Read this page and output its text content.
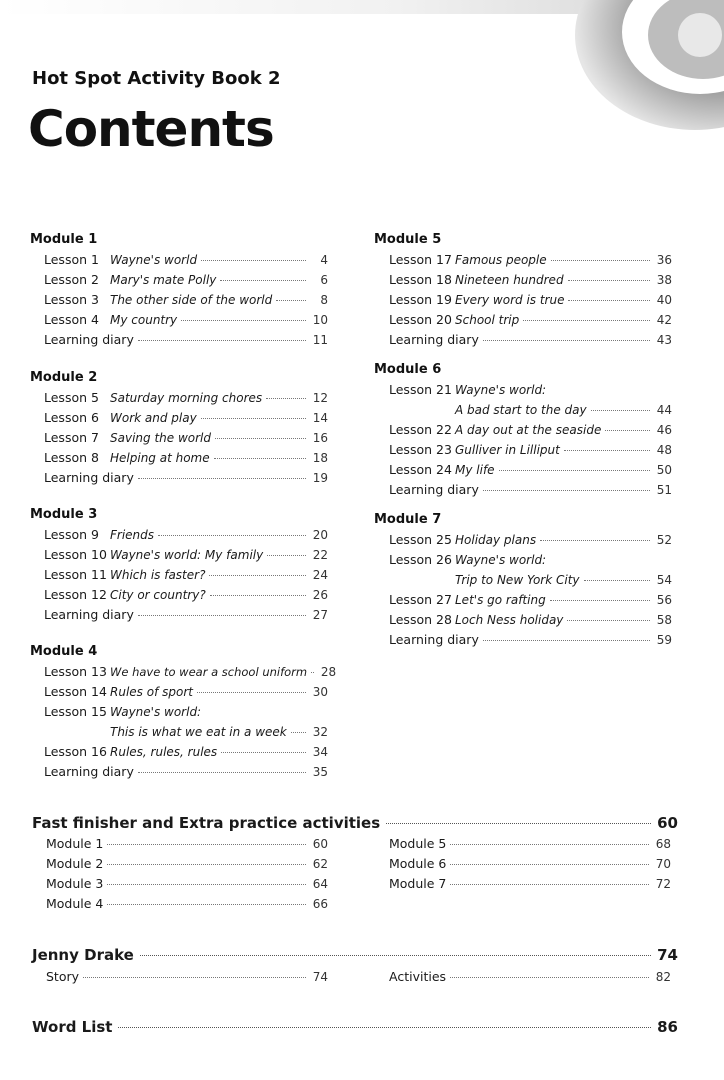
Hot Spot Activity Book 2
Contents
Module 1
Lesson 1 Wayne's world	4
Lesson 2 Mary's mate Polly	6
Lesson 3 The other side of the world	8
Lesson 4 My country	10
Learning diary	11
Module 2
Lesson 5 Saturday morning chores	12
Lesson 6 Work and play	14
Lesson 7 Saving the world	16
Lesson 8 Helping at home	18
Learning diary	19
Module 3
Lesson 9 Friends	20
Lesson 10 Wayne's world: My family	22
Lesson 11 Which is faster?	24
Lesson 12 City or country?	26
Learning diary	27
Module 4
Lesson 13 We have to wear a school uniform 28
Lesson 14 Rules of sport	30
Lesson 15 Wayne's world:
This is what we eat in a week 32
Lesson 16 Rules, rules, rules	34
Learning diary	35
Module 5
Lesson 17 Famous people	36
Lesson 18 Nineteen hundred	38
Lesson 19 Every word is true	40
Lesson 20 School trip	42
Learning diary	43
Module 6
Lesson 21 Wayne's world:
A bad start to the day	44
Lesson 22 A day out at the seaside	46
Lesson 23 Gulliver in Lilliput	48
Lesson 24 My life	50
Learning diary	51
Module 7
Lesson 25 Holiday plans	52
Lesson 26 Wayne's world:
Trip to New York City	54
Lesson 27 Let's go rafting	56
Lesson 28 Loch Ness holiday	58
Learning diary	59
Fast finisher and Extra practice activities	60
Module 1	60
Module 2	62
Module 3	64
Module 4	66
Module 5	68
Module 6	70
Module 7	72
Jenny Drake	74
Story	74	Activities	82
Word List	86
